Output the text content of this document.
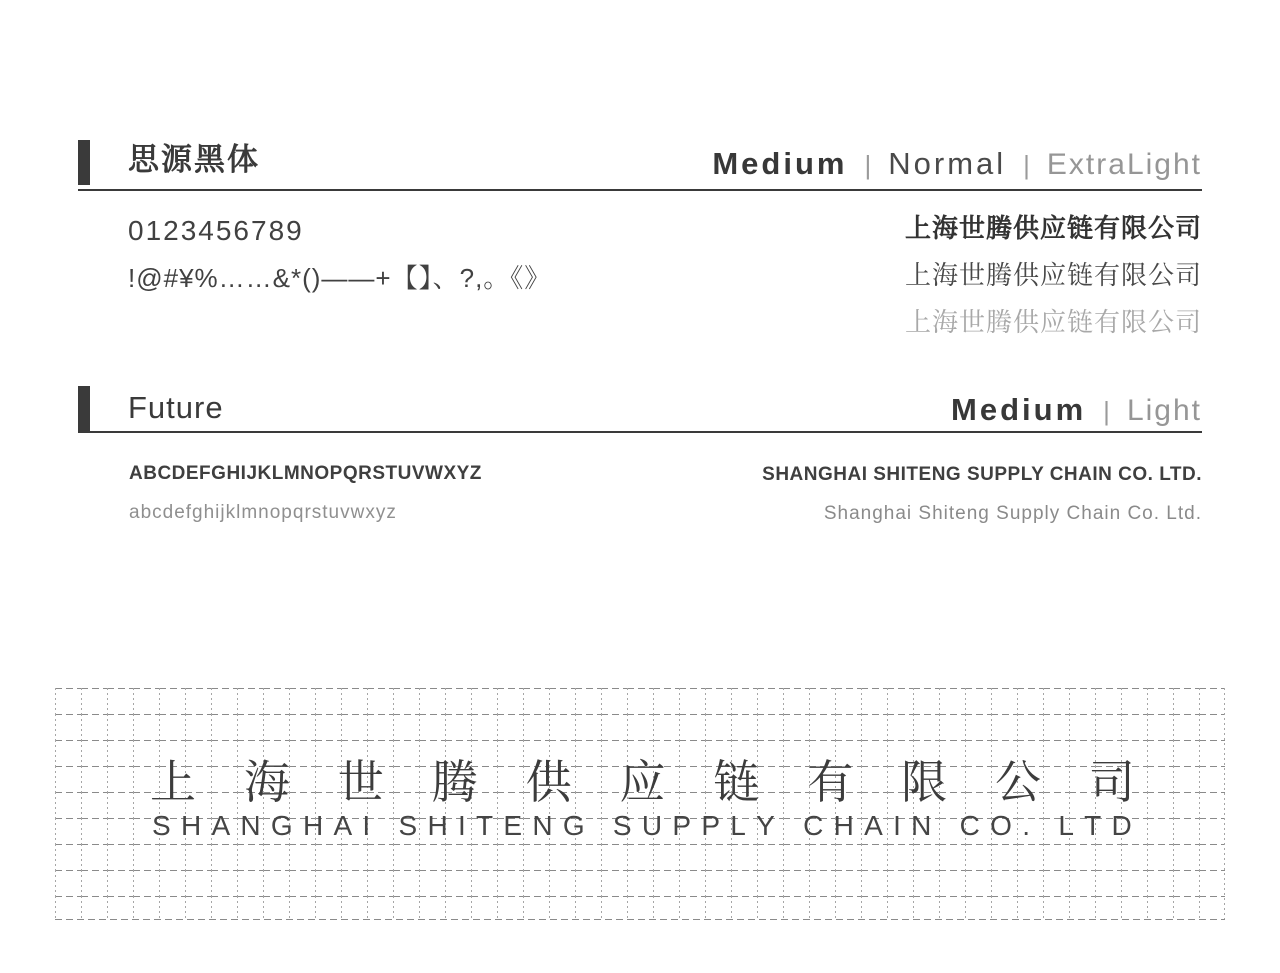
思源黑体	Medium | Normal | ExtraLight
0123456789
!@#¥%……&*()——+【】、?,。《》
上海世腾供应链有限公司
上海世腾供应链有限公司
上海世腾供应链有限公司
Future	Medium | Light
ABCDEFGHIJKLMNOPQRSTUVWXYZ
abcdefghijklmnopqrstuvwxyz
SHANGHAI SHITENG SUPPLY CHAIN CO. LTD.
Shanghai Shiteng Supply Chain Co. Ltd.
上 海 世 腾 供 应 链 有 限 公 司
S H A N G H A I
S H I T E N G
S U P P L Y
C H A I N
C O .
L T D
